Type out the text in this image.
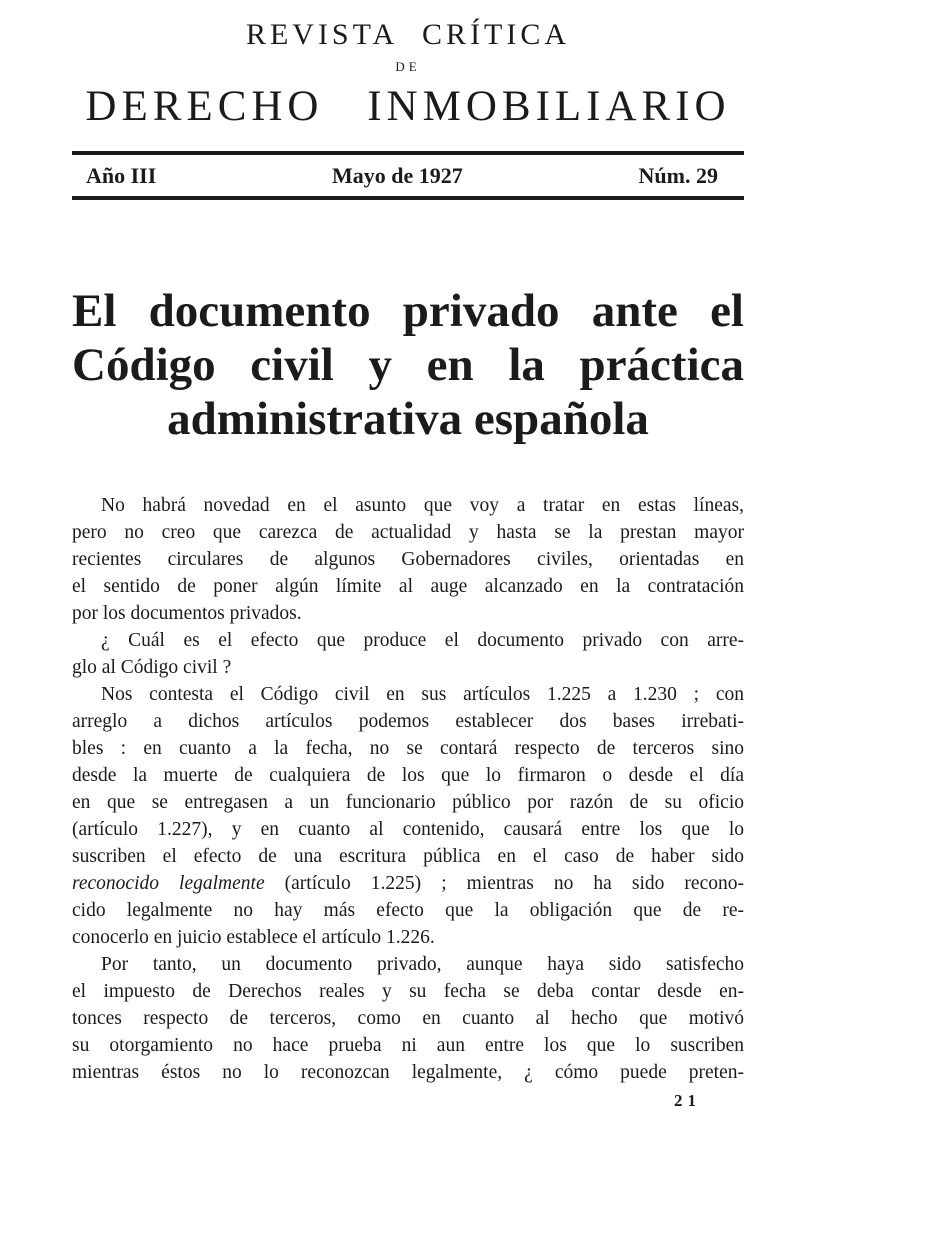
REVISTA CRÍTICA
DE
DERECHO INMOBILIARIO
Año III	Mayo de 1927	Núm. 29
El documento privado ante el
Código civil y en la práctica
administrativa española
No habrá novedad en el asunto que voy a tratar en estas líneas,
pero no creo que carezca de actualidad y hasta se la prestan mayor
recientes circulares de algunos Gobernadores civiles, orientadas en
el sentido de poner algún límite al auge alcanzado en la contratación
por los documentos privados.
¿ Cuál es el efecto que produce el documento privado con arre-
glo al Código civil ?
Nos contesta el Código civil en sus artículos 1.225 a 1.230 ; con
arreglo a dichos artículos podemos establecer dos bases irrebati-
bles : en cuanto a la fecha, no se contará respecto de terceros sino
desde la muerte de cualquiera de los que lo firmaron o desde el día
en que se entregasen a un funcionario público por razón de su oficio
(artículo 1.227), y en cuanto al contenido, causará entre los que lo
suscriben el efecto de una escritura pública en el caso de haber sido
reconocido legalmente (artículo 1.225) ; mientras no ha sido recono-
cido legalmente no hay más efecto que la obligación que de re-
conocerlo en juicio establece el artículo 1.226.
Por tanto, un documento privado, aunque haya sido satisfecho
el impuesto de Derechos reales y su fecha se deba contar desde en-
tonces respecto de terceros, como en cuanto al hecho que motivó
su otorgamiento no hace prueba ni aun entre los que lo suscriben
mientras éstos no lo reconozcan legalmente, ¿ cómo puede preten-
21
